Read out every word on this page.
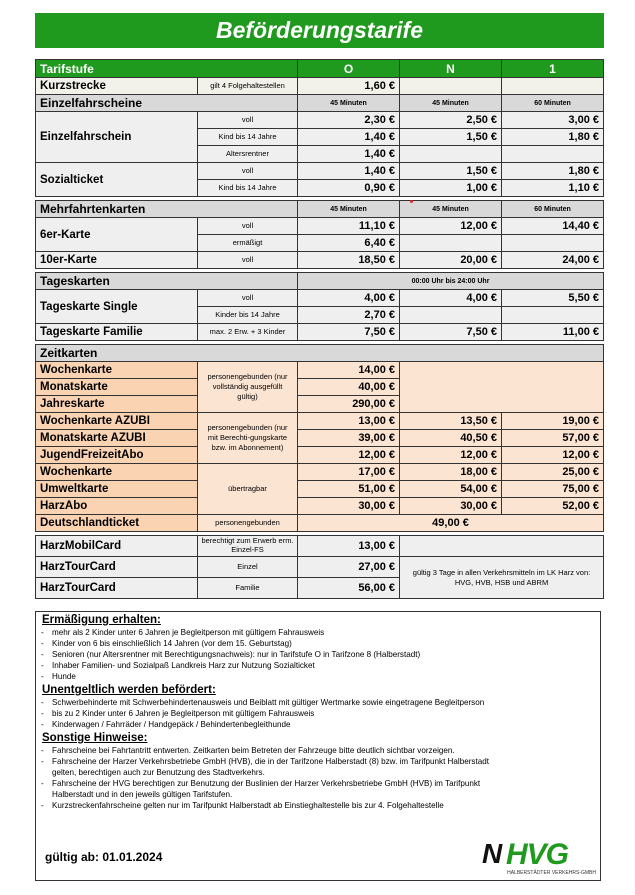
Beförderungstarife
Tarifstufe		O	N	1
Kurzstrecke	gilt 4 Folgehaltestellen	1,60 €		
Einzelfahrscheine		45 Minuten	45 Minuten	60 Minuten
Einzelfahrschein	voll	2,30 €	2,50 €	3,00 €
	Kind bis 14 Jahre	1,40 €	1,50 €	1,80 €
	Altersrentner	1,40 €		
Sozialticket	voll	1,40 €	1,50 €	1,80 €
	Kind bis 14 Jahre	0,90 €	1,00 €	1,10 €

Mehrfahrtenkarten		45 Minuten	45 Minuten	60 Minuten
6er-Karte	voll	11,10 €	12,00 €	14,40 €
	ermäßigt	6,40 €		
10er-Karte	voll	18,50 €	20,00 €	24,00 €

Tageskarten		00:00 Uhr bis 24:00 Uhr		
Tageskarte Single	voll	4,00 €	4,00 €	5,50 €
	Kinder bis 14 Jahre	2,70 €		
Tageskarte Familie	max. 2 Erw. + 3 Kinder	7,50 €	7,50 €	11,00 €

Zeitkarten				
Wochenkarte	personengebunden (nur vollständig ausgefüllt gültig)	14,00 €		
Monatskarte		40,00 €		
Jahreskarte		290,00 €		
Wochenkarte AZUBI	personengebunden (nur mit Berechti-gungskarte bzw. im Abonnement)	13,00 €	13,50 €	19,00 €
Monatskarte AZUBI		39,00 €	40,50 €	57,00 €
JugendFreizeitAbo		12,00 €	12,00 €	12,00 €
Wochenkarte	übertragbar	17,00 €	18,00 €	25,00 €
Umweltkarte		51,00 €	54,00 €	75,00 €
HarzAbo		30,00 €	30,00 €	52,00 €
Deutschlandticket	personengebunden	49,00 €		

HarzMobilCard	berechtigt zum Erwerb erm. Einzel-FS	13,00 €		
HarzTourCard	Einzel	27,00 €	gültig 3 Tage in allen Verkehrsmitteln im LK Harz von: HVG, HVB, HSB und ABRM	
HarzTourCard	Familie	56,00 €		
Ermäßigung erhalten:
- mehr als 2 Kinder unter 6 Jahren je Begleitperson mit gültigem Fahrausweis
- Kinder von 6 bis einschließlich 14 Jahren (vor dem 15. Geburtstag)
- Senioren (nur Altersrentner mit Berechtigungsnachweis): nur in Tarifstufe O in Tarifzone 8 (Halberstadt)
- Inhaber Familien- und Sozialpaß Landkreis Harz zur Nutzung Sozialticket
- Hunde
Unentgeltlich werden befördert:
- Schwerbehinderte mit Schwerbehindertenausweis und Beiblatt mit gültiger Wertmarke sowie eingetragene Begleitperson
- bis zu 2 Kinder unter 6 Jahren je Begleitperson mit gültigem Fahrausweis
- Kinderwagen / Fahrräder / Handgepäck / Behindertenbegleithunde
Sonstige Hinweise:
- Fahrscheine bei Fahrtantritt entwerten. Zeitkarten beim Betreten der Fahrzeuge bitte deutlich sichtbar vorzeigen.
- Fahrscheine der Harzer Verkehrsbetriebe GmbH (HVB), die in der Tarifzone Halberstadt (8) bzw. im Tarifpunkt Halberstadt gelten, berechtigen auch zur Benutzung des Stadtverkehrs.
- Fahrscheine der HVG berechtigen zur Benutzung der Buslinien der Harzer Verkehrsbetriebe GmbH (HVB) im Tarifpunkt Halberstadt und in den jeweils gültigen Tarifstufen.
- Kurzstreckenfahrscheine gelten nur im Tarifpunkt Halberstadt ab Einstieghaltestelle bis zur 4. Folgehaltestelle
gültig ab: 01.01.2024	N HVG
HALBERSTÄDTER VERKEHRS-GMBH
